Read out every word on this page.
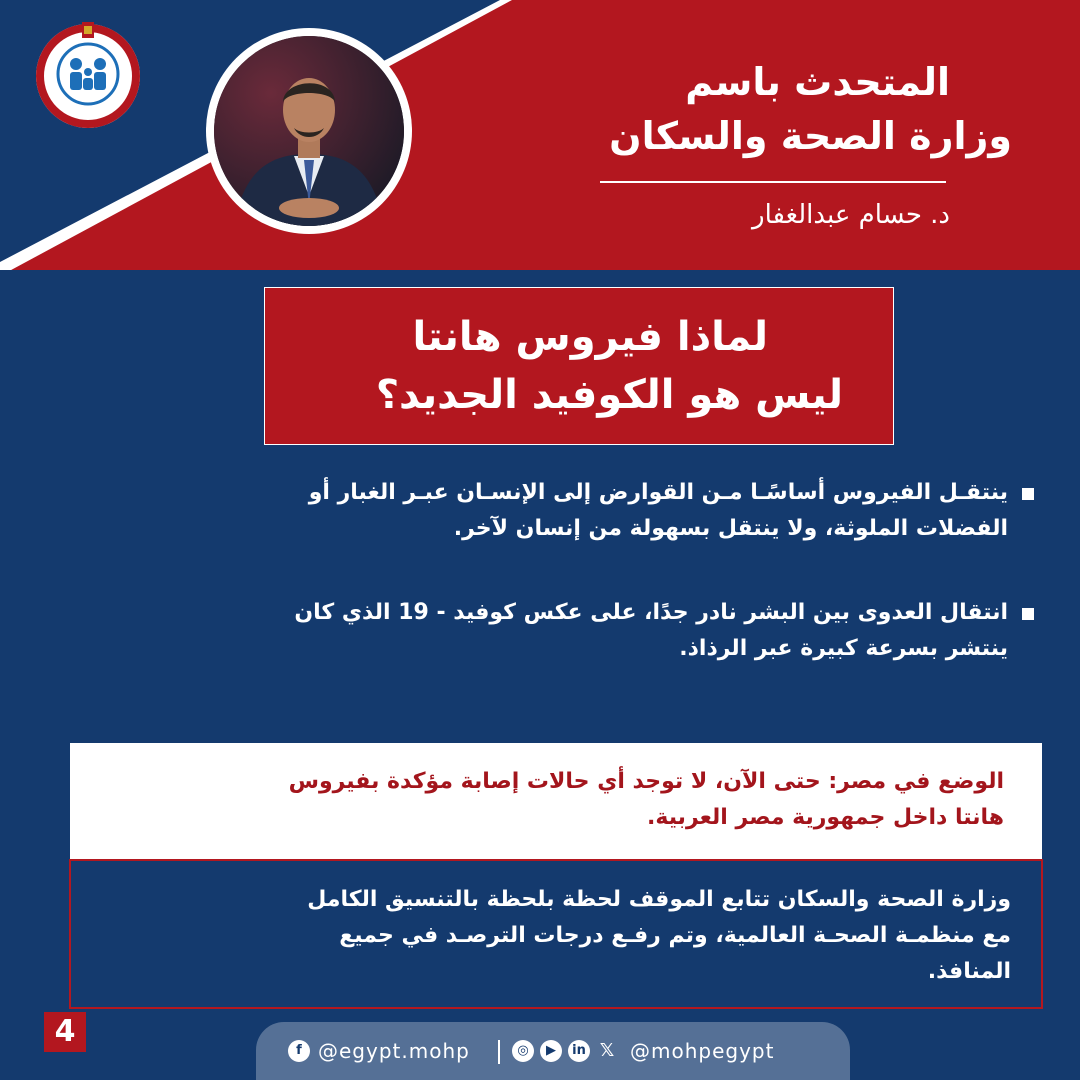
المتحدث باسم
وزارة الصحة والسكان
د. حسام عبدالغفار
لماذا فيروس هانتا
ليس هو الكوفيد الجديد؟
ينتقـل الفيروس أساسًـا مـن القوارض إلى الإنسـان عبـر الغبار أو
الفضلات الملوثة، ولا ينتقل بسهولة من إنسان لآخر.
انتقال العدوى بين البشر نادر جدًا، على عكس كوفيد - 19 الذي كان
ينتشر بسرعة كبيرة عبر الرذاذ.
الوضع في مصر: حتى الآن، لا توجد أي حالات إصابة مؤكدة بفيروس
هانتا داخل جمهورية مصر العربية.
وزارة الصحة والسكان تتابع الموقف لحظة بلحظة بالتنسيق الكامل
مع منظمـة الصحـة العالمية، وتم رفـع درجات الترصـد في جميع
المنافذ.
4
f @egypt.mohp	◎	▶	in 𝕏 @mohpegypt
